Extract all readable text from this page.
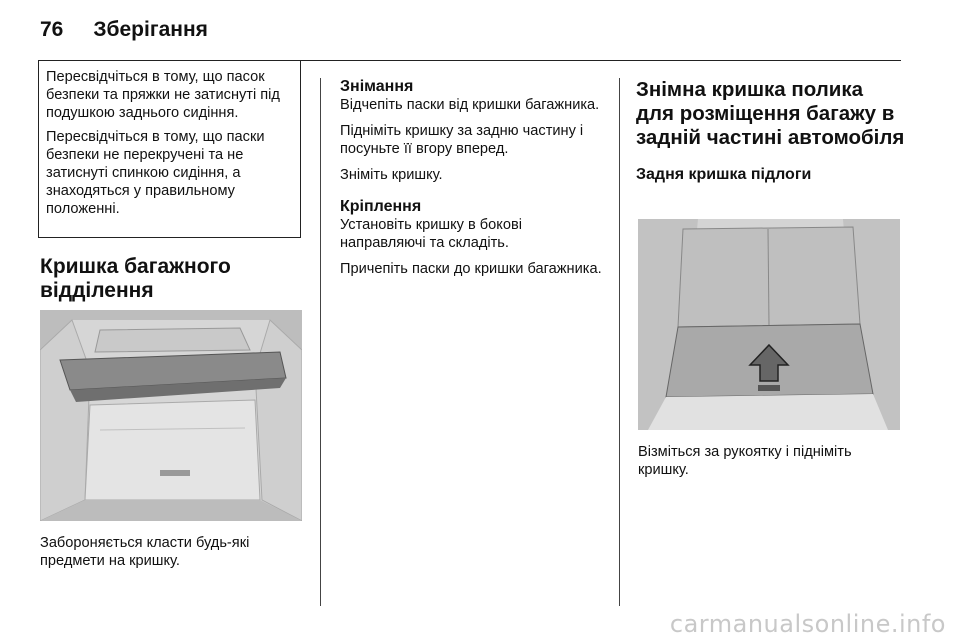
76 Зберігання

Пересвідчіться в тому, що пасок безпеки та пряжки не затиснуті під подушкою заднього сидіння.

Пересвідчіться в тому, що паски безпеки не перекручені та не затиснуті спинкою сидіння, а знаходяться у правильному положенні.

Кришка багажного відділення

Забороняється класти будь-які предмети на кришку.

Знімання

Відчепіть паски від кришки багажника.

Підніміть кришку за задню частину і посуньте її вгору вперед.

Зніміть кришку.

Кріплення

Установіть кришку в бокові направляючі та складіть.

Причепіть паски до кришки багажника.

Знімна кришка полика для розміщення багажу в задній частині автомобіля
Задня кришка підлоги

Візміться за рукоятку і підніміть кришку.

carmanualsonline.info
